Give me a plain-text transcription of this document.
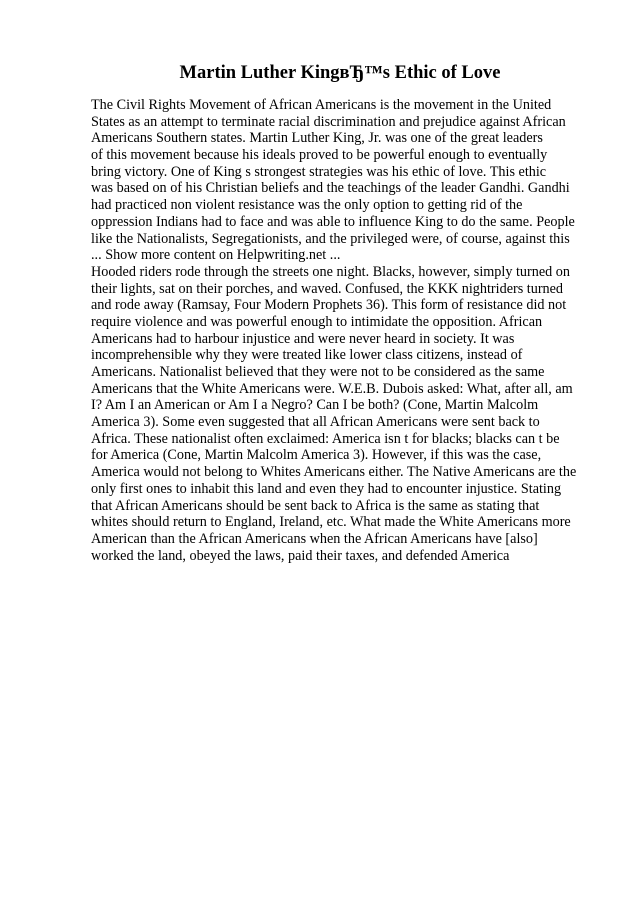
Martin Luther KingвЂ™s Ethic of Love
The Civil Rights Movement of African Americans is the movement in the United
States as an attempt to terminate racial discrimination and prejudice against African
Americans Southern states. Martin Luther King, Jr. was one of the great leaders
of this movement because his ideals proved to be powerful enough to eventually
bring victory. One of King s strongest strategies was his ethic of love. This ethic
was based on of his Christian beliefs and the teachings of the leader Gandhi. Gandhi
had practiced non violent resistance was the only option to getting rid of the
oppression Indians had to face and was able to influence King to do the same. People
like the Nationalists, Segregationists, and the privileged were, of course, against this
... Show more content on Helpwriting.net ...
Hooded riders rode through the streets one night. Blacks, however, simply turned on
their lights, sat on their porches, and waved. Confused, the KKK nightriders turned
and rode away (Ramsay, Four Modern Prophets 36). This form of resistance did not
require violence and was powerful enough to intimidate the opposition. African
Americans had to harbour injustice and were never heard in society. It was
incomprehensible why they were treated like lower class citizens, instead of
Americans. Nationalist believed that they were not to be considered as the same
Americans that the White Americans were. W.E.B. Dubois asked: What, after all, am
I? Am I an American or Am I a Negro? Can I be both? (Cone, Martin Malcolm
America 3). Some even suggested that all African Americans were sent back to
Africa. These nationalist often exclaimed: America isn t for blacks; blacks can t be
for America (Cone, Martin Malcolm America 3). However, if this was the case,
America would not belong to Whites Americans either. The Native Americans are the
only first ones to inhabit this land and even they had to encounter injustice. Stating
that African Americans should be sent back to Africa is the same as stating that
whites should return to England, Ireland, etc. What made the White Americans more
American than the African Americans when the African Americans have [also]
worked the land, obeyed the laws, paid their taxes, and defended America
